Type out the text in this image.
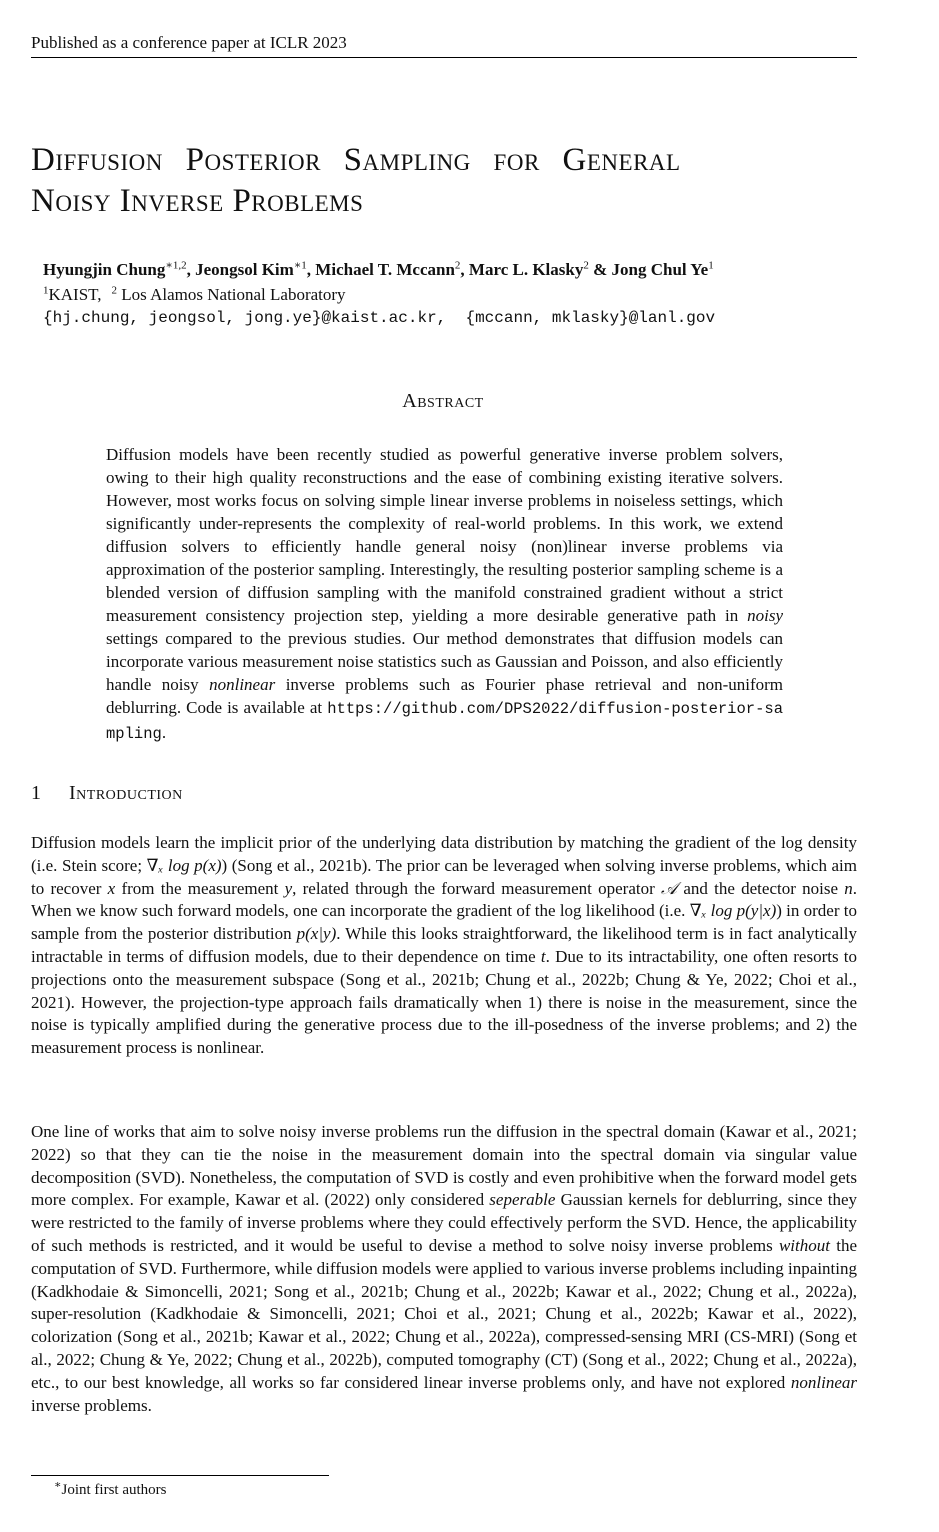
Published as a conference paper at ICLR 2023
Diffusion Posterior Sampling for General
Noisy Inverse Problems
Hyungjin Chung$^{∗1,2}$, Jeongsol Kim$^{∗1}$, Michael T. Mccann$^2$, Marc L. Klasky$^2$ & Jong Chul Ye$^1$
$^1$KAIST, $^2$ Los Alamos National Laboratory
{hj.chung, jeongsol, jong.ye}@kaist.ac.kr,  {mccann, mklasky}@lanl.gov
Abstract

Diffusion models have been recently studied as powerful generative inverse problem solvers, owing to their high quality reconstructions and the ease of combining existing iterative solvers. However, most works focus on solving simple linear inverse problems in noiseless settings, which significantly under-represents the complexity of real-world problems. In this work, we extend diffusion solvers to efficiently handle general noisy (non)linear inverse problems via approximation of the posterior sampling. Interestingly, the resulting posterior sampling scheme is a blended version of diffusion sampling with the manifold constrained gradient without a strict measurement consistency projection step, yielding a more desirable generative path in noisy settings compared to the previous studies. Our method demonstrates that diffusion models can incorporate various measurement noise statistics such as Gaussian and Poisson, and also efficiently handle noisy nonlinear inverse problems such as Fourier phase retrieval and non-uniform deblurring. Code is available at https://github.com/DPS2022/diffusion-posterior-sampling.

1 Introduction

Diffusion models learn the implicit prior of the underlying data distribution by matching the gradient of the log density (i.e. Stein score; ∇ₓ log p(x)) (Song et al., 2021b). The prior can be leveraged when solving inverse problems, which aim to recover x from the measurement y, related through the forward measurement operator 𝒜 and the detector noise n. When we know such forward models, one can incorporate the gradient of the log likelihood (i.e. ∇ₓ log p(y|x)) in order to sample from the posterior distribution p(x|y). While this looks straightforward, the likelihood term is in fact analytically intractable in terms of diffusion models, due to their dependence on time t. Due to its intractability, one often resorts to projections onto the measurement subspace (Song et al., 2021b; Chung et al., 2022b; Chung & Ye, 2022; Choi et al., 2021). However, the projection-type approach fails dramatically when 1) there is noise in the measurement, since the noise is typically amplified during the generative process due to the ill-posedness of the inverse problems; and 2) the measurement process is nonlinear.

One line of works that aim to solve noisy inverse problems run the diffusion in the spectral domain (Kawar et al., 2021; 2022) so that they can tie the noise in the measurement domain into the spectral domain via singular value decomposition (SVD). Nonetheless, the computation of SVD is costly and even prohibitive when the forward model gets more complex. For example, Kawar et al. (2022) only considered seperable Gaussian kernels for deblurring, since they were restricted to the family of inverse problems where they could effectively perform the SVD. Hence, the applicability of such methods is restricted, and it would be useful to devise a method to solve noisy inverse problems without the computation of SVD. Furthermore, while diffusion models were applied to various inverse problems including inpainting (Kadkhodaie & Simoncelli, 2021; Song et al., 2021b; Chung et al., 2022b; Kawar et al., 2022; Chung et al., 2022a), super-resolution (Kadkhodaie & Simoncelli, 2021; Choi et al., 2021; Chung et al., 2022b; Kawar et al., 2022), colorization (Song et al., 2021b; Kawar et al., 2022; Chung et al., 2022a), compressed-sensing MRI (CS-MRI) (Song et al., 2022; Chung & Ye, 2022; Chung et al., 2022b), computed tomography (CT) (Song et al., 2022; Chung et al., 2022a), etc., to our best knowledge, all works so far considered linear inverse problems only, and have not explored nonlinear inverse problems.

∗Joint first authors
